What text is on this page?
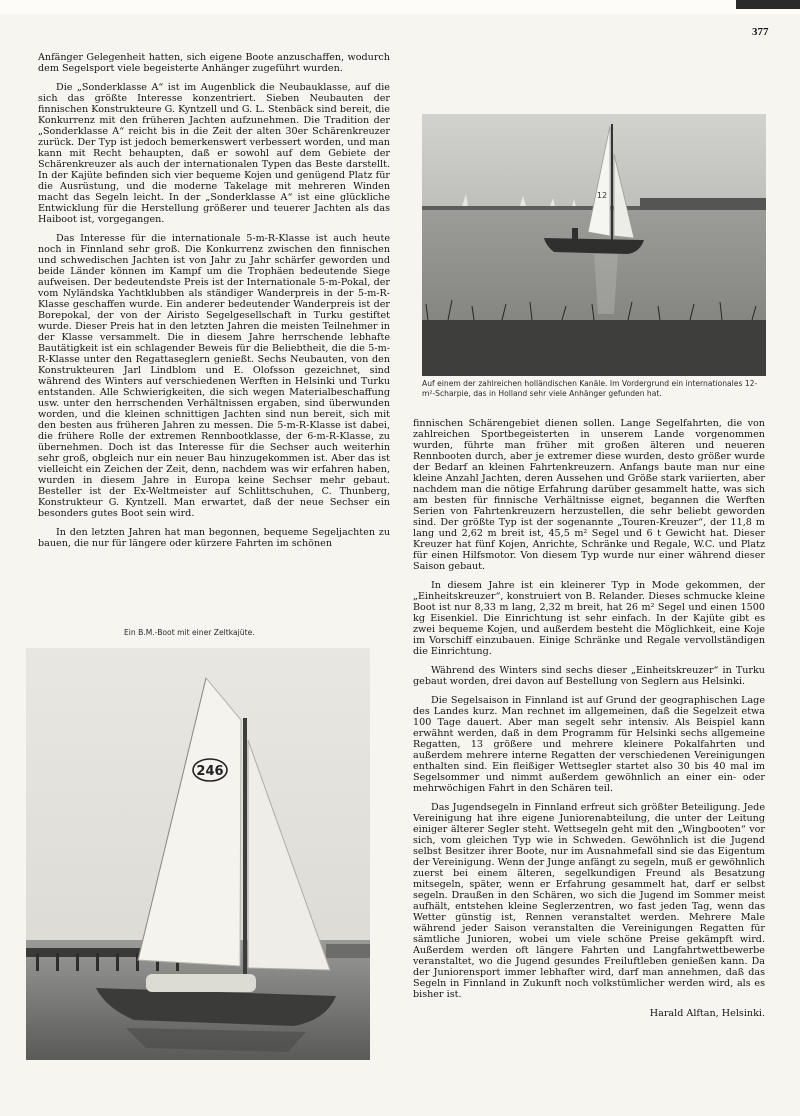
377

Anfänger Gelegenheit hatten, sich eigene Boote anzuschaffen, wodurch dem Segelsport viele begeisterte Anhänger zugeführt wurden.

Die „Sonderklasse A“ ist im Augenblick die Neubauklasse, auf die sich das größte Interesse konzentriert. Sieben Neubauten der finnischen Konstrukteure G. Kyntzell und G. L. Stenbäck sind bereit, die Konkurrenz mit den früheren Jachten aufzunehmen. Die Tradition der „Sonderklasse A“ reicht bis in die Zeit der alten 30er Schärenkreuzer zurück. Der Typ ist jedoch bemerkenswert verbessert worden, und man kann mit Recht behaupten, daß er sowohl auf dem Gebiete der Schärenkreuzer als auch der internationalen Typen das Beste darstellt. In der Kajüte befinden sich vier bequeme Kojen und genügend Platz für die Ausrüstung, und die moderne Takelage mit mehreren Winden macht das Segeln leicht. In der „Sonderklasse A“ ist eine glückliche Entwicklung für die Herstellung größerer und teuerer Jachten als das Haiboot ist, vorgegangen.

Das Interesse für die internationale 5-m-R-Klasse ist auch heute noch in Finnland sehr groß. Die Konkurrenz zwischen den finnischen und schwedischen Jachten ist von Jahr zu Jahr schärfer geworden und beide Länder können im Kampf um die Trophäen bedeutende Siege aufweisen. Der bedeutendste Preis ist der Internationale 5-m-Pokal, der vom Nyländska Yachtklubben als ständiger Wanderpreis in der 5-m-R-Klasse geschaffen wurde. Ein anderer bedeutender Wanderpreis ist der Borepokal, der von der Airisto Segelgesellschaft in Turku gestiftet wurde. Dieser Preis hat in den letzten Jahren die meisten Teilnehmer in der Klasse versammelt. Die in diesem Jahre herrschende lebhafte Bautätigkeit ist ein schlagender Beweis für die Beliebtheit, die die 5-m-R-Klasse unter den Regattaseglern genießt. Sechs Neubauten, von den Konstrukteuren Jarl Lindblom und E. Olofsson gezeichnet, sind während des Winters auf verschiedenen Werften in Helsinki und Turku entstanden. Alle Schwierigkeiten, die sich wegen Materialbeschaffung usw. unter den herrschenden Verhältnissen ergaben, sind überwunden worden, und die kleinen schnittigen Jachten sind nun bereit, sich mit den besten aus früheren Jahren zu messen. Die 5-m-R-Klasse ist dabei, die frühere Rolle der extremen Rennbootklasse, der 6-m-R-Klasse, zu übernehmen. Doch ist das Interesse für die Sechser auch weiterhin sehr groß, obgleich nur ein neuer Bau hinzugekommen ist. Aber das ist vielleicht ein Zeichen der Zeit, denn, nachdem was wir erfahren haben, wurden in diesem Jahre in Europa keine Sechser mehr gebaut. Besteller ist der Ex-Weltmeister auf Schlittschuhen, C. Thunberg, Konstrukteur G. Kyntzell. Man erwartet, daß der neue Sechser ein besonders gutes Boot sein wird.

In den letzten Jahren hat man begonnen, bequeme Segeljachten zu bauen, die nur für längere oder kürzere Fahrten im schönen

Ein B.M.-Boot mit einer Zeltkajüte.
246
12
Auf einem der zahlreichen holländischen Kanäle. Im Vordergrund ein internationales 12-m²-Scharpie, das in Holland sehr viele Anhänger gefunden hat.

finnischen Schärengebiet dienen sollen. Lange Segelfahrten, die von zahlreichen Sportbegeisterten in unserem Lande vorgenommen wurden, führte man früher mit großen älteren und neueren Rennbooten durch, aber je extremer diese wurden, desto größer wurde der Bedarf an kleinen Fahrtenkreuzern. Anfangs baute man nur eine kleine Anzahl Jachten, deren Aussehen und Größe stark variierten, aber nachdem man die nötige Erfahrung darüber gesammelt hatte, was sich am besten für finnische Verhältnisse eignet, begannen die Werften Serien von Fahrtenkreuzern herzustellen, die sehr beliebt geworden sind. Der größte Typ ist der sogenannte „Touren-Kreuzer“, der 11,8 m lang und 2,62 m breit ist, 45,5 m² Segel und 6 t Gewicht hat. Dieser Kreuzer hat fünf Kojen, Anrichte, Schränke und Regale, W.C. und Platz für einen Hilfsmotor. Von diesem Typ wurde nur einer während dieser Saison gebaut.

In diesem Jahre ist ein kleinerer Typ in Mode gekommen, der „Einheitskreuzer“, konstruiert von B. Relander. Dieses schmucke kleine Boot ist nur 8,33 m lang, 2,32 m breit, hat 26 m² Segel und einen 1500 kg Eisenkiel. Die Einrichtung ist sehr einfach. In der Kajüte gibt es zwei bequeme Kojen, und außerdem besteht die Möglichkeit, eine Koje im Vorschiff einzubauen. Einige Schränke und Regale vervollständigen die Einrichtung.

Während des Winters sind sechs dieser „Einheitskreuzer“ in Turku gebaut worden, drei davon auf Bestellung von Seglern aus Helsinki.

Die Segelsaison in Finnland ist auf Grund der geographischen Lage des Landes kurz. Man rechnet im allgemeinen, daß die Segelzeit etwa 100 Tage dauert. Aber man segelt sehr intensiv. Als Beispiel kann erwähnt werden, daß in dem Programm für Helsinki sechs allgemeine Regatten, 13 größere und mehrere kleinere Pokalfahrten und außerdem mehrere interne Regatten der verschiedenen Vereinigungen enthalten sind. Ein fleißiger Wettsegler startet also 30 bis 40 mal im Segelsommer und nimmt außerdem gewöhnlich an einer ein- oder mehrwöchigen Fahrt in den Schären teil.

Das Jugendsegeln in Finnland erfreut sich größter Beteiligung. Jede Vereinigung hat ihre eigene Juniorenabteilung, die unter der Leitung einiger älterer Segler steht. Wettsegeln geht mit den „Wingbooten“ vor sich, vom gleichen Typ wie in Schweden. Gewöhnlich ist die Jugend selbst Besitzer ihrer Boote, nur im Ausnahmefall sind sie das Eigentum der Vereinigung. Wenn der Junge anfängt zu segeln, muß er gewöhnlich zuerst bei einem älteren, segelkundigen Freund als Besatzung mitsegeln, später, wenn er Erfahrung gesammelt hat, darf er selbst segeln. Draußen in den Schären, wo sich die Jugend im Sommer meist aufhält, entstehen kleine Seglerzentren, wo fast jeden Tag, wenn das Wetter günstig ist, Rennen veranstaltet werden. Mehrere Male während jeder Saison veranstalten die Vereinigungen Regatten für sämtliche Junioren, wobei um viele schöne Preise gekämpft wird. Außerdem werden oft längere Fahrten und Langfahrtwettbewerbe veranstaltet, wo die Jugend gesundes Freiluftleben genießen kann. Da der Juniorensport immer lebhafter wird, darf man annehmen, daß das Segeln in Finnland in Zukunft noch volkstümlicher werden wird, als es bisher ist.

Harald Alftan, Helsinki.
